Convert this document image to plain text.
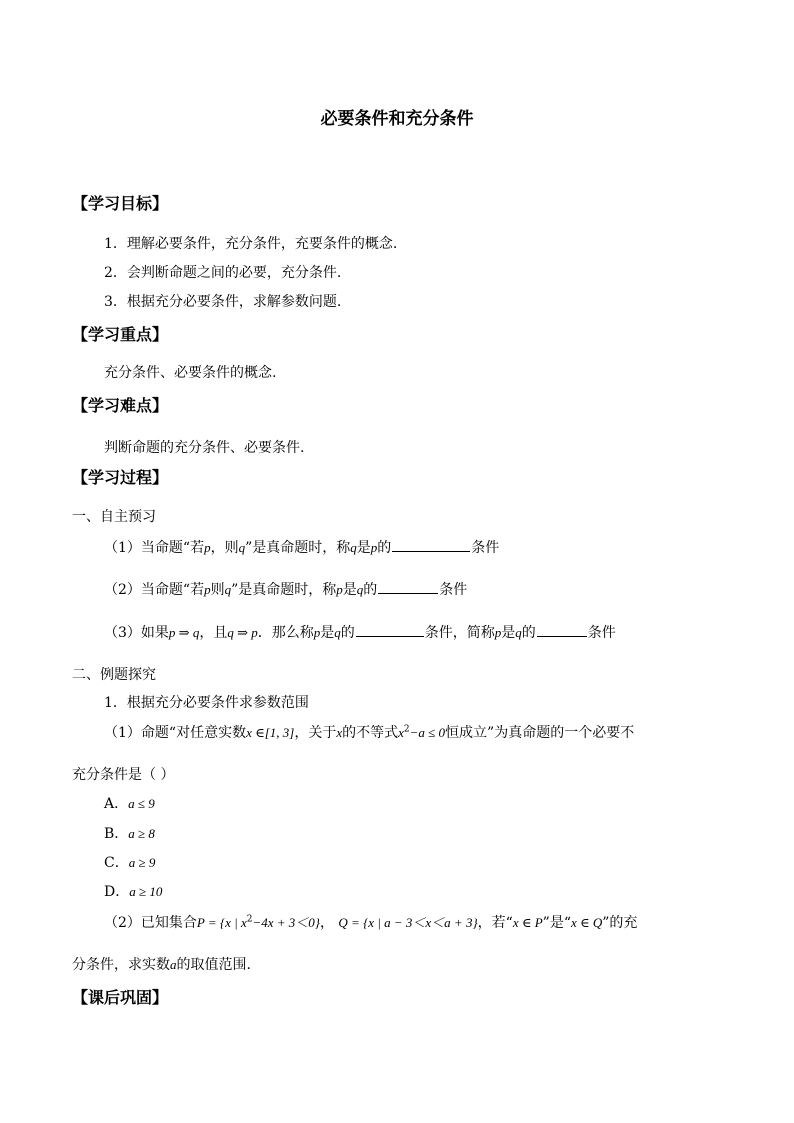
必要条件和充分条件
【学习目标】
1．理解必要条件，充分条件，充要条件的概念.
2．会判断命题之间的必要，充分条件.
3．根据充分必要条件，求解参数问题.
【学习重点】
充分条件、必要条件的概念.
【学习难点】
判断命题的充分条件、必要条件.
【学习过程】
一、自主预习
（1）当命题“若p，则q”是真命题时，称q是p的	条件
（2）当命题“若p则q”是真命题时，称p是q的	条件
（3）如果p ⇒ q，且q ⇒ p．那么称p是q的	条件，简称p是q的	条件
二、例题探究
1．根据充分必要条件求参数范围
（1）命题“对任意实数x ∈[1, 3]，关于x的不等式$x^2-a \le 0$恒成立”为真命题的一个必要不
充分条件是（ ）
A．a ≤ 9
B．a ≥ 8
C．a ≥ 9
D．a ≥ 10
（2）已知集合P = {x | $x^2-4x + 3<0$}， Q = {x | a − 3＜x＜a + 3}，若“x ∈ P”是“x ∈ Q”的充
分条件，求实数a的取值范围.
【课后巩固】
